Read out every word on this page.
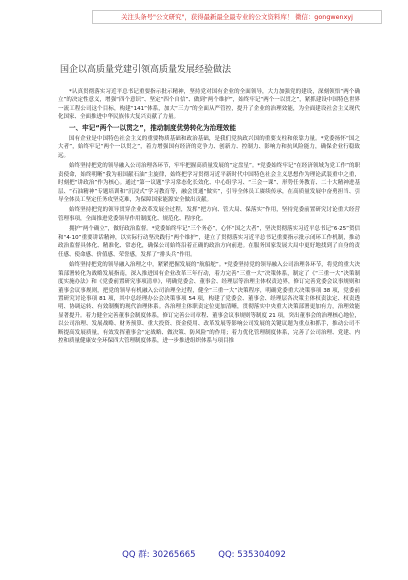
关注头条号"公文研究"，获得最新最全最专业的公文资料库！ 微信：gongwenxyj
国企以高质量党建引领高质量发展经验做法

*认真贯彻落实习近平总书记重要指示批示精神，坚持党对国有企业的全面领导，大力加强党的建设，深刻领悟“两个确立”的决定性意义，增强“四个意识”、坚定“四个自信”、做到“两个维护”，始终牢记“两个一以贯之”，紧抓建设中国特色世界一流工程公司这个目标，构建“141”体系，加大“三力”的全面从严管控，提升了企业的治理效能，为全面建设社会主义现代化国家、全面推进中华民族伟大复兴贡献了力量。

一、牢记“两个一以贯之”，推动制度优势转化为治理效能

国有企业是中国特色社会主义的重要物质基础和政治基础，是我们党执政兴国的重要支柱和依靠力量。*党委扬怀“国之大者”，始终牢记“两个一以贯之”，着力增强国有经济的竞争力、创新力、控制力、影响力和抗风险能力，确保企业行稳致远。

始终坚持把党的领导融入公司治理各环节，牢牢把握高质量发展的“定盘星”。*党委始终牢记“在经济领域为党工作”的职责使命，始终明晰“我为祖国献石油”主旋律，始终把学习贯彻习近平新时代中国特色社会主义思想作为理论武装重中之重，时刻把“讲政治”作为核心。通过“第一议题”学习常态化长效化、中心组学习、“三会一课”、形势任务教育、二十大精神进基层、“石油精神”专题培训和“沉浸式”学习教育等，融会贯通“做实”，引导全体员工赓续传承，在高质量发展中奋勇担当、引导全体员工坚定任务攻坚克难，为保障国家能源安全做出贡献。

始终坚持把党的领导贯穿企业改革发展全过程，发挥“把方向、管大局、保落实”作用，坚持党委前置研究讨论重大经营管理事项，全面推进党委领导作用制度化、规范化、程序化。

拥护“两个确立”，做好政治监督。*党委始终牢记“三个务必”，心怀“国之大者”，坚决贯彻落实习近平总书记“6·25”贺信和“4·10”重要讲话精神，以实际行动坚决践行“两个维护”，建立了贯彻落实习近平总书记重要指示批示闭环工作机制，推动政治监督具体化、精准化、常态化，确保公司始终沿着正确的政治方向前进。在服务国家发展大局中更好地找到了自身的责任感、使命感、价值感、荣誉感，发挥了“排头兵”作用。

始终坚持把党的领导融入治理之中，紧紧把握发展的“航船舵”。*党委坚持党的领导融入公司治理各环节，将党的重大决策部署转化为战略发展指南，深入推进国有企业改革三年行动，着力完善“三重一大”决策体系，制定了《“三重一大”决策制度实施办法》和《党委前置研究事项清单》，明确党委会、董事会、经理层等治理主体权责边界，修订完善党委会议事规则和董事会议事规则，把党的领导有机融入公司治理全过程，健全“三重一大”决策程序，明确党委重大决策事项 38 项，党委前置研究讨论事项 81 项，其中总经理办公会决策事项 54 项，构建了党委会、董事会、经理层各决策主体权责法定、权责透明、协调运转、有效制衡的现代治理体系。各治理主体职责定位更加清晰，贯彻落实中央重大决策部署更加有力，治理效能显著提升。着力健全完善董事会制度体系，修订完善公司章程、董事会议事规则等制度 21 项，突出董事会的治理核心地位，以公司治理、发展战略、财务预算、重大投资、资金使用、改革发展等影响公司发展的关键议题为重点和抓手，推动公司不断提高发展质量，有效发挥董事会“定战略、做决策、防风险”的作用；着力优化管理制度体系，完善了公司治理、党建、内控和质量健康安全环保四大管理制度体系，进一步推进组织体系与项目推

QQ 群: 30265665	QQ: 535304092
